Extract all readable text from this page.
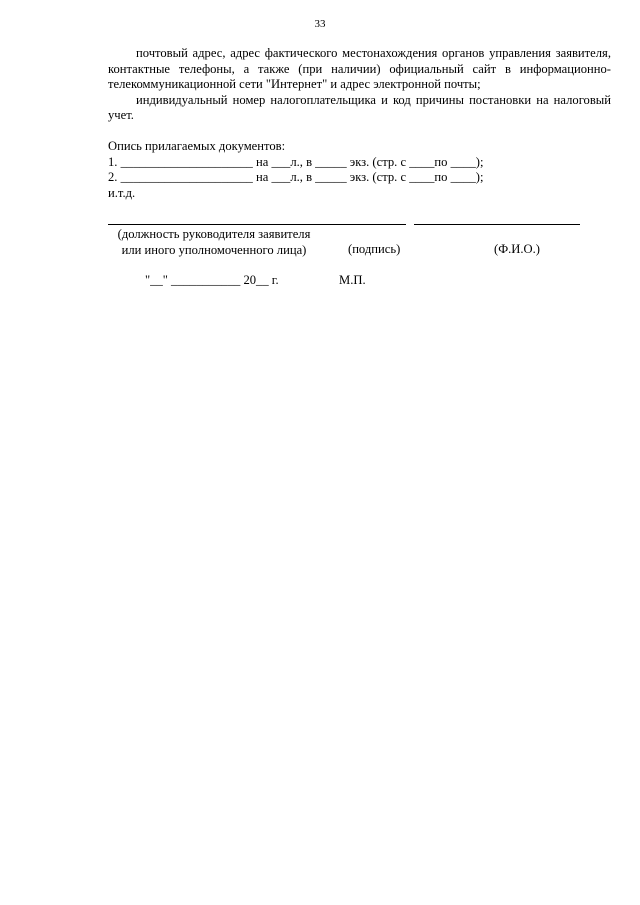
33

почтовый адрес, адрес фактического местонахождения органов управления заявителя, контактные телефоны, а также (при наличии) официальный сайт в информационно-телекоммуникационной сети "Интернет" и адрес электронной почты;

индивидуальный номер налогоплательщика и код причины постановки на налоговый учет.

Опись прилагаемых документов:

1. _____________________ на ___л., в _____ экз. (стр. с ____по ____);

2. _____________________ на ___л., в _____ экз. (стр. с ____по ____);

и.т.д.

(должность руководителя заявителя
или иного уполномоченного лица)	(подпись)	(Ф.И.О.)
"__" ___________ 20__ г.	М.П.
